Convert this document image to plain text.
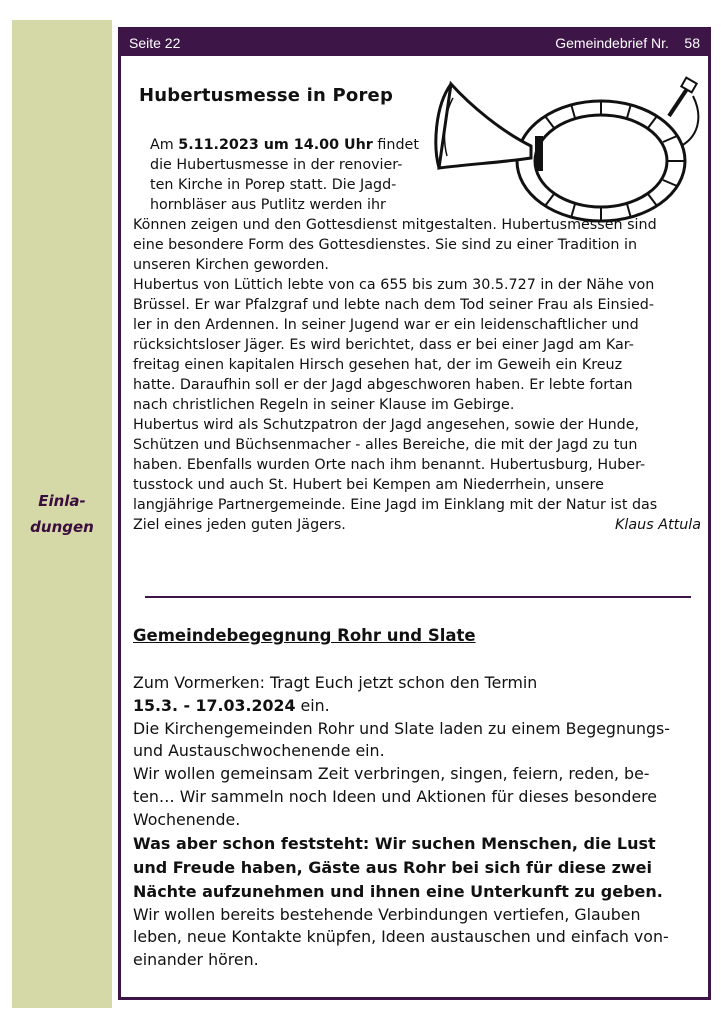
Einla-
dungen
Seite 22	Gemeindebrief Nr. 58
Hubertusmesse in Porep
Am 5.11.2023 um 14.00 Uhr findet
die Hubertusmesse in der renovier-
ten Kirche in Porep statt. Die Jagd-
hornbläser aus Putlitz werden ihr
Können zeigen und den Gottesdienst mitgestalten. Hubertusmessen sind
eine besondere Form des Gottesdienstes. Sie sind zu einer Tradition in
unseren Kirchen geworden.
Hubertus von Lüttich lebte von ca 655 bis zum 30.5.727 in der Nähe von
Brüssel. Er war Pfalzgraf und lebte nach dem Tod seiner Frau als Einsied-
ler in den Ardennen. In seiner Jugend war er ein leidenschaftlicher und
rücksichtsloser Jäger. Es wird berichtet, dass er bei einer Jagd am Kar-
freitag einen kapitalen Hirsch gesehen hat, der im Geweih ein Kreuz
hatte. Daraufhin soll er der Jagd abgeschworen haben. Er lebte fortan
nach christlichen Regeln in seiner Klause im Gebirge.
Hubertus wird als Schutzpatron der Jagd angesehen, sowie der Hunde,
Schützen und Büchsenmacher - alles Bereiche, die mit der Jagd zu tun
haben. Ebenfalls wurden Orte nach ihm benannt. Hubertusburg, Huber-
tusstock und auch St. Hubert bei Kempen am Niederrhein, unsere
langjährige Partnergemeinde. Eine Jagd im Einklang mit der Natur ist das
Ziel eines jeden guten Jägers.	Klaus Attula
Gemeindebegegnung Rohr und Slate
Zum Vormerken: Tragt Euch jetzt schon den Termin
15.3. - 17.03.2024 ein.
Die Kirchengemeinden Rohr und Slate laden zu einem Begegnungs-
und Austauschwochenende ein.
Wir wollen gemeinsam Zeit verbringen, singen, feiern, reden, be-
ten… Wir sammeln noch Ideen und Aktionen für dieses besondere
Wochenende.
Was aber schon feststeht: Wir suchen Menschen, die Lust
und Freude haben, Gäste aus Rohr bei sich für diese zwei
Nächte aufzunehmen und ihnen eine Unterkunft zu geben.
Wir wollen bereits bestehende Verbindungen vertiefen, Glauben
leben, neue Kontakte knüpfen, Ideen austauschen und einfach von-
einander hören.
